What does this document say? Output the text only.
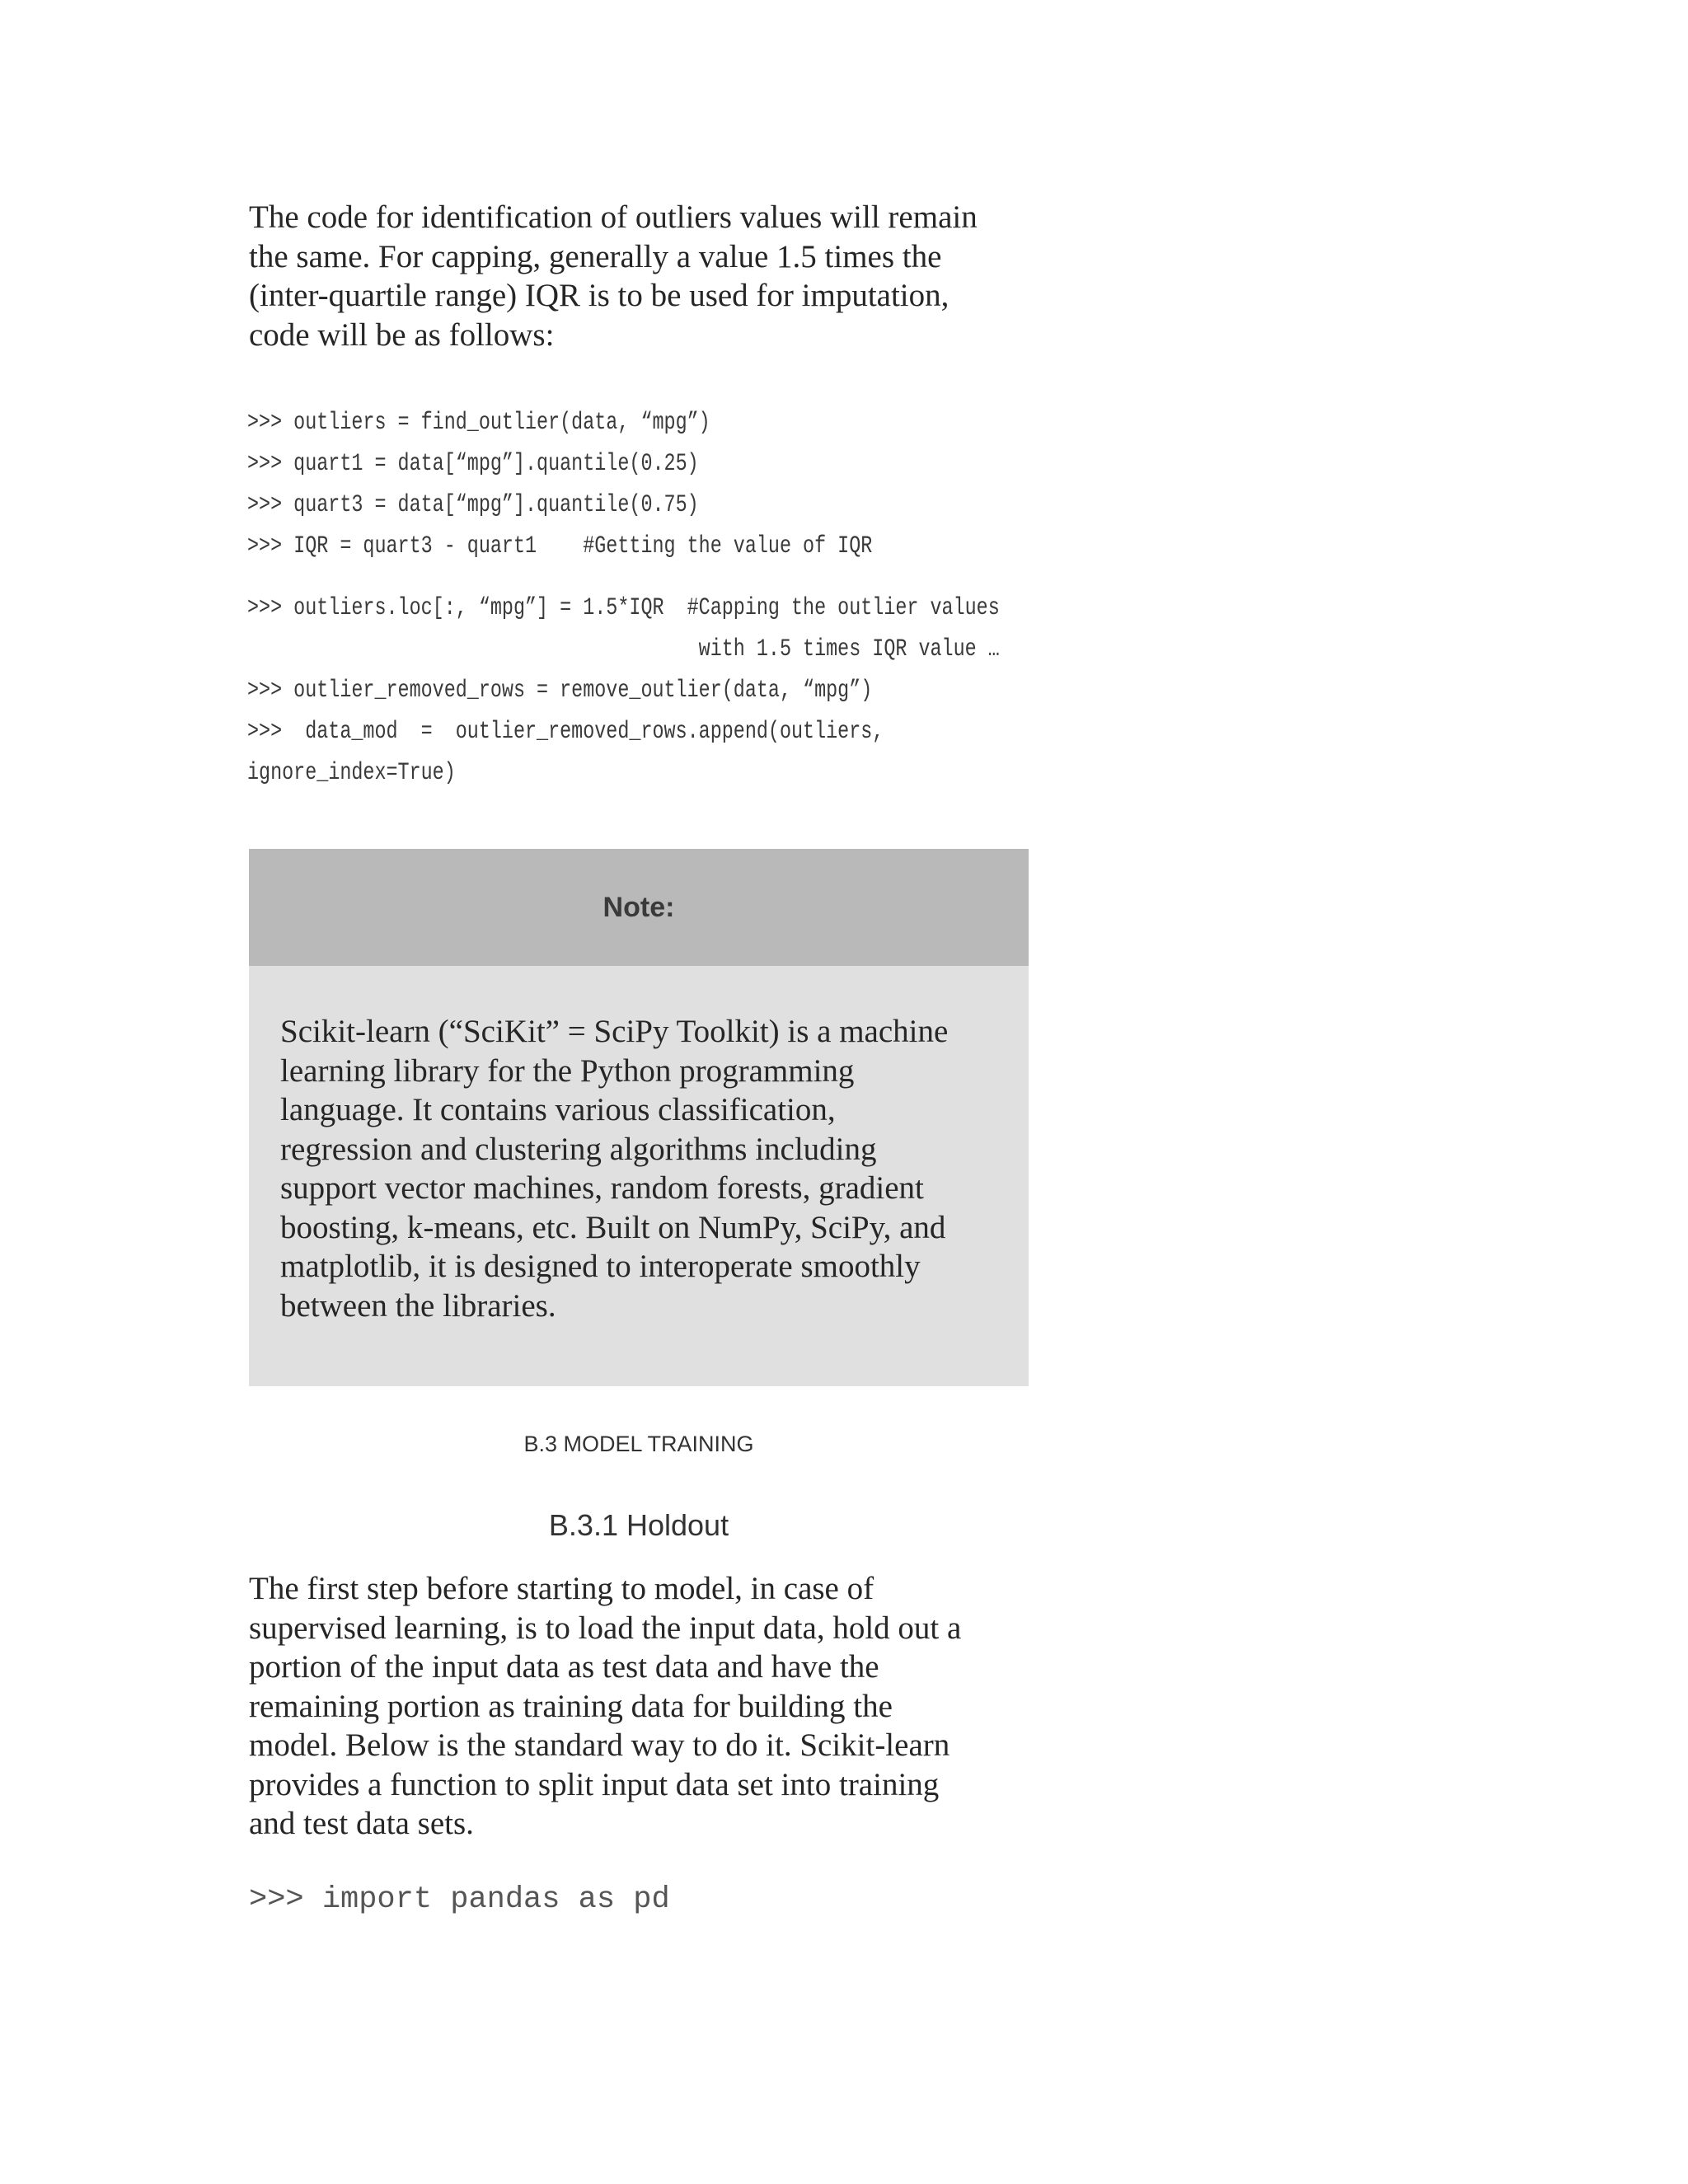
The code for identification of outliers values will remain
the same. For capping, generally a value 1.5 times the
(inter-quartile range) IQR is to be used for imputation,
code will be as follows:
>>> outliers = find_outlier(data, “mpg”)
>>> quart1 = data[“mpg”].quantile(0.25)
>>> quart3 = data[“mpg”].quantile(0.75)
>>> IQR = quart3 - quart1    #Getting the value of IQR
>>> outliers.loc[:, “mpg”] = 1.5*IQR  #Capping the outlier values
with 1.5 times IQR value …
>>> outlier_removed_rows = remove_outlier(data, “mpg”)
>>>  data_mod  =  outlier_removed_rows.append(outliers,
ignore_index=True)
Note:
Scikit-learn (“SciKit” = SciPy Toolkit) is a machine
learning library for the Python programming
language. It contains various classification,
regression and clustering algorithms including
support vector machines, random forests, gradient
boosting, k-means, etc. Built on NumPy, SciPy, and
matplotlib, it is designed to interoperate smoothly
between the libraries.
B.3 MODEL TRAINING
B.3.1 Holdout
The first step before starting to model, in case of
supervised learning, is to load the input data, hold out a
portion of the input data as test data and have the
remaining portion as training data for building the
model. Below is the standard way to do it. Scikit-learn
provides a function to split input data set into training
and test data sets.
>>> import pandas as pd
